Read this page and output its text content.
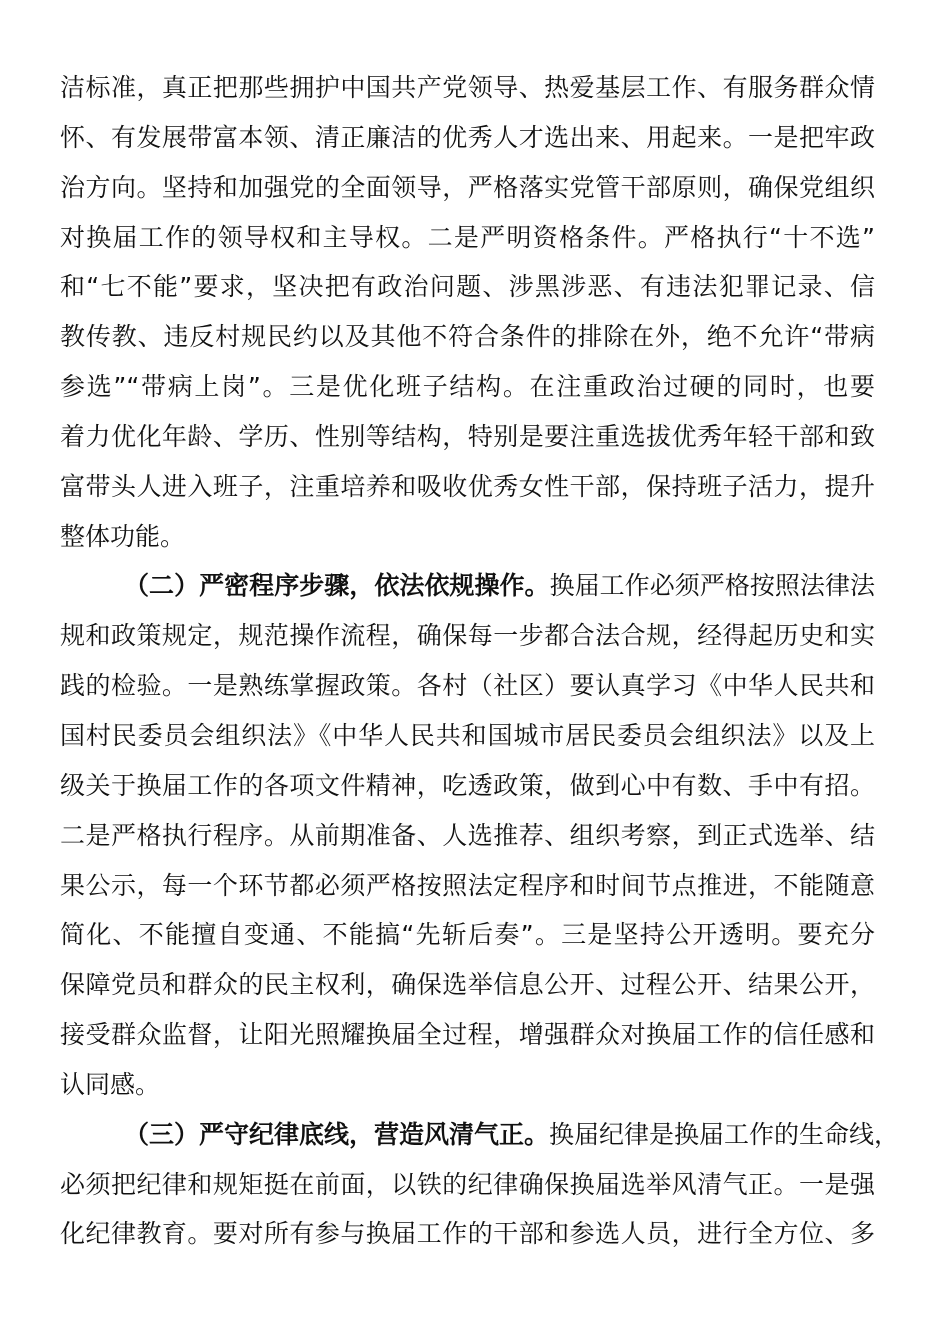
洁标准，真正把那些拥护中国共产党领导、热爱基层工作、有服务群众情
怀、有发展带富本领、清正廉洁的优秀人才选出来、用起来。一是把牢政
治方向。坚持和加强党的全面领导，严格落实党管干部原则，确保党组织
对换届工作的领导权和主导权。二是严明资格条件。严格执行“十不选”
和“七不能”要求，坚决把有政治问题、涉黑涉恶、有违法犯罪记录、信
教传教、违反村规民约以及其他不符合条件的排除在外，绝不允许“带病
参选”“带病上岗”。三是优化班子结构。在注重政治过硬的同时，也要
着力优化年龄、学历、性别等结构，特别是要注重选拔优秀年轻干部和致
富带头人进入班子，注重培养和吸收优秀女性干部，保持班子活力，提升
整体功能。
（二）严密程序步骤，依法依规操作。换届工作必须严格按照法律法
规和政策规定，规范操作流程，确保每一步都合法合规，经得起历史和实
践的检验。一是熟练掌握政策。各村（社区）要认真学习《中华人民共和
国村民委员会组织法》《中华人民共和国城市居民委员会组织法》以及上
级关于换届工作的各项文件精神，吃透政策，做到心中有数、手中有招。
二是严格执行程序。从前期准备、人选推荐、组织考察，到正式选举、结
果公示，每一个环节都必须严格按照法定程序和时间节点推进，不能随意
简化、不能擅自变通、不能搞“先斩后奏”。三是坚持公开透明。要充分
保障党员和群众的民主权利，确保选举信息公开、过程公开、结果公开，
接受群众监督，让阳光照耀换届全过程，增强群众对换届工作的信任感和
认同感。
（三）严守纪律底线，营造风清气正。换届纪律是换届工作的生命线，
必须把纪律和规矩挺在前面，以铁的纪律确保换届选举风清气正。一是强
化纪律教育。要对所有参与换届工作的干部和参选人员，进行全方位、多
